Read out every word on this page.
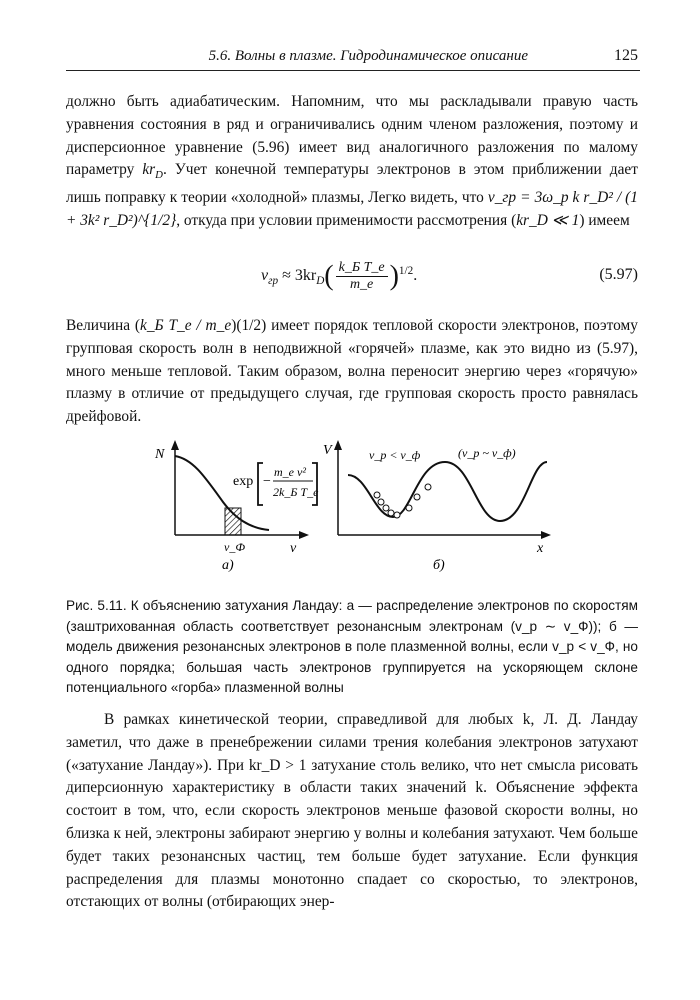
5.6. Волны в плазме. Гидродинамическое описание	125

должно быть адиабатическим. Напомним, что мы раскладывали правую часть уравнения состояния в ряд и ограничивались одним членом разложения, поэтому и дисперсионное уравнение (5.96) имеет вид аналогичного разложения по малому параметру $kr_D$. Учет конечной температуры электронов в этом приближении дает лишь поправку к теории «холодной» плазмы, Легко видеть, что v_гр = 3ω_p k r_D² / (1 + 3k² r_D²)^{1/2}, откуда при условии применимости рассмотрения (kr_D ≪ 1) имеем

$v_{гр} \approx 3kr_D( \frac{\text{k\_Б T\_e}}{m\_e} )^{1/2}$.	(5.97)

Величина (k_Б T_e / m_e)(1/2) имеет порядок тепловой скорости электронов, поэтому групповая скорость волн в неподвижной «горячей» плазме, как это видно из (5.97), много меньше тепловой. Таким образом, волна переносит энергию через «горячую» плазму в отличие от предыдущего случая, где групповая скорость просто равнялась дрейфовой.

N
v
v_Ф
exp −
m_e v²
2k_Б T_e
а)
V
x
v_p < v_ф	(v_p ~ v_ф)
б)

Рис. 5.11. К объяснению затухания Ландау: а — распределение электронов по скоростям (заштрихованная область соответствует резонансным электронам (v_p ∼ v_Ф)); б — модель движения резонансных электронов в поле плазменной волны, если v_p < v_Ф, но одного порядка; большая часть электронов группируется на ускоряющем склоне потенциального «горба» плазменной волны

В рамках кинетической теории, справедливой для любых k, Л. Д. Ландау заметил, что даже в пренебрежении силами трения колебания электронов затухают («затухание Ландау»). При kr_D > 1 затухание столь велико, что нет смысла рисовать диперсионную характеристику в области таких значений k. Объяснение эффекта состоит в том, что, если скорость электронов меньше фазовой скорости волны, но близка к ней, электроны забирают энергию у волны и колебания затухают. Чем больше будет таких резонансных частиц, тем больше будет затухание. Если функция распределения для плазмы монотонно спадает со скоростью, то электронов, отстающих от волны (отбирающих энер-
